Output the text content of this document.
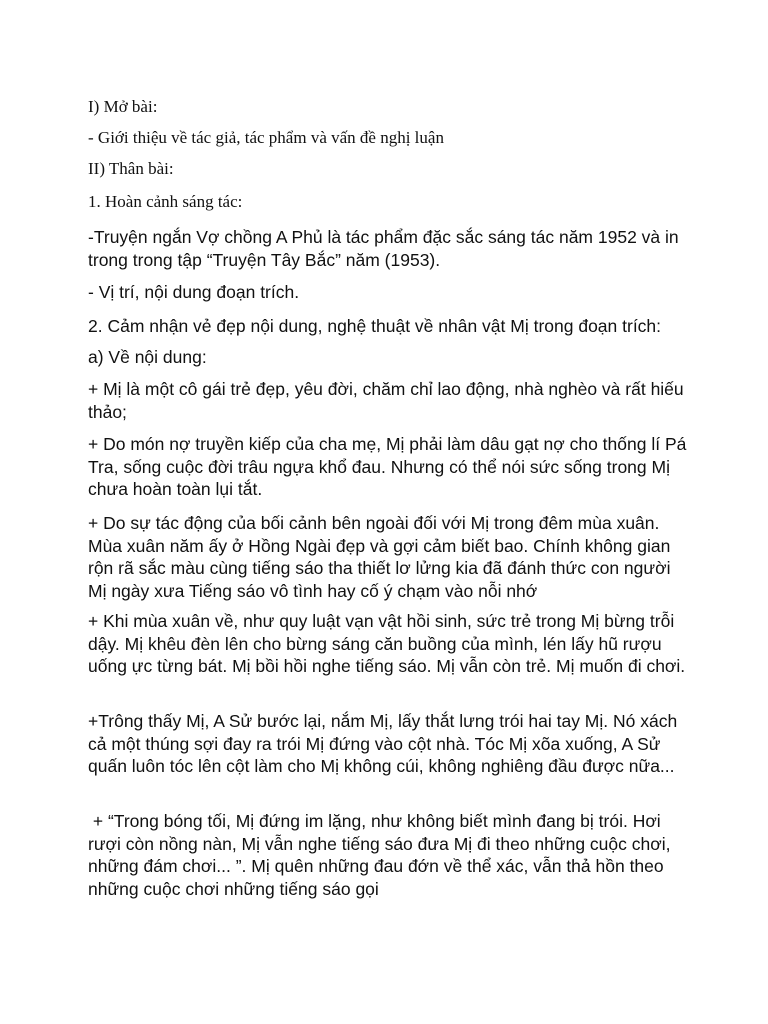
I) Mở bài:

- Giới thiệu về tác giả, tác phẩm và vấn đề nghị luận

II) Thân bài:

1. Hoàn cảnh sáng tác:

-Truyện ngắn Vợ chồng A Phủ là tác phẩm đặc sắc sáng tác năm 1952 và in trong trong tập “Truyện Tây Bắc” năm (1953).

- Vị trí, nội dung đoạn trích.

2. Cảm nhận vẻ đẹp nội dung, nghệ thuật về nhân vật Mị trong đoạn trích:

a) Về nội dung:

+ Mị là một cô gái trẻ đẹp, yêu đời, chăm chỉ lao động, nhà nghèo và rất hiếu thảo;

+ Do món nợ truyền kiếp của cha mẹ, Mị phải làm dâu gạt nợ cho thống lí Pá Tra, sống cuộc đời trâu ngựa khổ đau. Nhưng có thể nói sức sống trong Mị chưa hoàn toàn lụi tắt.

+ Do sự tác động của bối cảnh bên ngoài đối với Mị trong đêm mùa xuân. Mùa xuân năm ấy ở Hồng Ngài đẹp và gợi cảm biết bao. Chính không gian rộn rã sắc màu cùng tiếng sáo tha thiết lơ lửng kia đã đánh thức con người Mị ngày xưa Tiếng sáo vô tình hay cố ý chạm vào nỗi nhớ

+ Khi mùa xuân về, như quy luật vạn vật hồi sinh, sức trẻ trong Mị bừng trỗi dậy. Mị khêu đèn lên cho bừng sáng căn buồng của mình, lén lấy hũ rượu uống ực từng bát. Mị bồi hồi nghe tiếng sáo. Mị vẫn còn trẻ. Mị muốn đi chơi.

+Trông thấy Mị, A Sử bước lại, nắm Mị, lấy thắt lưng trói hai tay Mị. Nó xách cả một thúng sợi đay ra trói Mị đứng vào cột nhà. Tóc Mị xõa xuống, A Sử quấn luôn tóc lên cột làm cho Mị không cúi, không nghiêng đầu được nữa...

+ “Trong bóng tối, Mị đứng im lặng, như không biết mình đang bị trói. Hơi rượi còn nồng nàn, Mị vẫn nghe tiếng sáo đưa Mị đi theo những cuộc chơi, những đám chơi... ”. Mị quên những đau đớn về thể xác, vẫn thả hồn theo những cuộc chơi những tiếng sáo gọi
